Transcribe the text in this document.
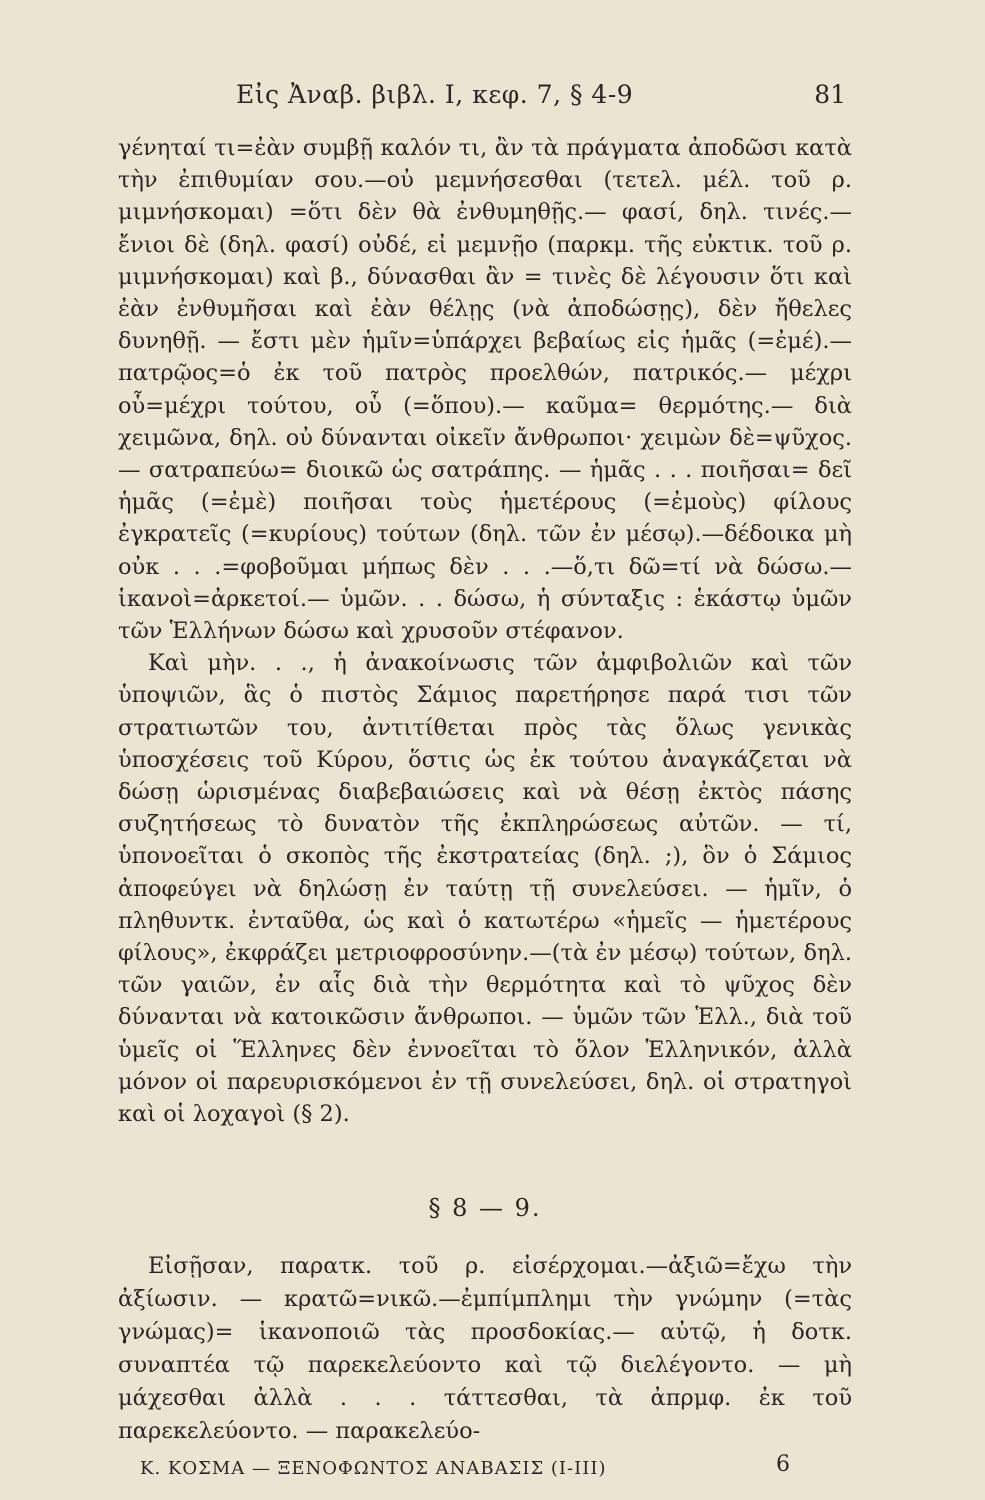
Εἰς Ἀναβ. βιβλ. I, κεφ. 7, § 4-9	81

γένηταί τι=ἐὰν συμβῇ καλόν τι, ἂν τὰ πράγματα ἀποδῶσι κατὰ τὴν ἐπιθυμίαν σου.—οὐ μεμνήσεσθαι (τετελ. μέλ. τοῦ ρ. μιμνήσκομαι) =ὅτι δὲν θὰ ἐνθυμηθῇς.— φασί, δηλ. τινές.— ἔνιοι δὲ (δηλ. φασί) οὐδέ, εἰ μεμνῇο (παρκμ. τῆς εὐκτικ. τοῦ ρ. μιμνήσκομαι) καὶ β., δύνασθαι ἂν = τινὲς δὲ λέγουσιν ὅτι καὶ ἐὰν ἐνθυμῆσαι καὶ ἐὰν θέλῃς (νὰ ἀποδώσῃς), δὲν ἤθελες δυνηθῇ. — ἔστι μὲν ἡμῖν=ὑπάρχει βεβαίως εἰς ἡμᾶς (=ἐμέ).—πατρῷος=ὁ ἐκ τοῦ πατρὸς προελθών, πατρικός.— μέχρι οὗ=μέχρι τούτου, οὗ (=ὅπου).— καῦμα= θερμότης.— διὰ χειμῶνα, δηλ. οὐ δύνανται οἰκεῖν ἄνθρωποι· χειμὼν δὲ=ψῦχος.— σατραπεύω= διοικῶ ὡς σατράπης. — ἡμᾶς . . . ποιῆσαι= δεῖ ἡμᾶς (=ἐμὲ) ποιῆσαι τοὺς ἡμετέρους (=ἐμοὺς) φίλους ἐγκρατεῖς (=κυρίους) τούτων (δηλ. τῶν ἐν μέσῳ).—δέδοικα μὴ οὐκ . . .=φοβοῦμαι μήπως δὲν . . .—ὅ,τι δῶ=τί νὰ δώσω.—ἱκανοὶ=ἀρκετοί.— ὑμῶν. . . δώσω, ἡ σύνταξις : ἑκάστῳ ὑμῶν τῶν Ἑλλήνων δώσω καὶ χρυσοῦν στέφανον.

Καὶ μὴν. . ., ἡ ἀνακοίνωσις τῶν ἀμφιβολιῶν καὶ τῶν ὑποψιῶν, ἃς ὁ πιστὸς Σάμιος παρετήρησε παρά τισι τῶν στρατιωτῶν του, ἀντιτίθεται πρὸς τὰς ὅλως γενικὰς ὑποσχέσεις τοῦ Κύρου, ὅστις ὡς ἐκ τούτου ἀναγκάζεται νὰ δώσῃ ὡρισμένας διαβεβαιώσεις καὶ νὰ θέσῃ ἐκτὸς πάσης συζητήσεως τὸ δυνατὸν τῆς ἐκπληρώσεως αὐτῶν. — τί, ὑπονοεῖται ὁ σκοπὸς τῆς ἐκστρατείας (δηλ. ;), ὃν ὁ Σάμιος ἀποφεύγει νὰ δηλώσῃ ἐν ταύτῃ τῇ συνελεύσει. — ἡμῖν, ὁ πληθυντκ. ἐνταῦθα, ὡς καὶ ὁ κατωτέρω «ἡμεῖς — ἡμετέρους φίλους», ἐκφράζει μετριοφροσύνην.—(τὰ ἐν μέσῳ) τούτων, δηλ. τῶν γαιῶν, ἐν αἷς διὰ τὴν θερμότητα καὶ τὸ ψῦχος δὲν δύνανται νὰ κατοικῶσιν ἄνθρωποι. — ὑμῶν τῶν Ἑλλ., διὰ τοῦ ὑμεῖς οἱ Ἕλληνες δὲν ἐννοεῖται τὸ ὅλον Ἑλληνικόν, ἀλλὰ μόνον οἱ παρευρισκόμενοι ἐν τῇ συνελεύσει, δηλ. οἱ στρατηγοὶ καὶ οἱ λοχαγοὶ (§ 2).

§ 8 — 9.

Εἰσῇσαν, παρατκ. τοῦ ρ. εἰσέρχομαι.—ἀξιῶ=ἔχω τὴν ἀξίωσιν. — κρατῶ=νικῶ.—ἐμπίμπλημι τὴν γνώμην (=τὰς γνώμας)= ἱκανοποιῶ τὰς προσδοκίας.— αὐτῷ, ἡ δοτκ. συναπτέα τῷ παρεκελεύοντο καὶ τῷ διελέγοντο. — μὴ μάχεσθαι ἀλλὰ . . . τάττεσθαι, τὰ ἀπρμφ. ἐκ τοῦ παρεκελεύοντο. — παρακελεύο-

Κ. ΚΟΣΜΑ — ΞΕΝΟΦΩΝΤΟΣ ΑΝΑΒΑΣΙΣ (I-III)	6
